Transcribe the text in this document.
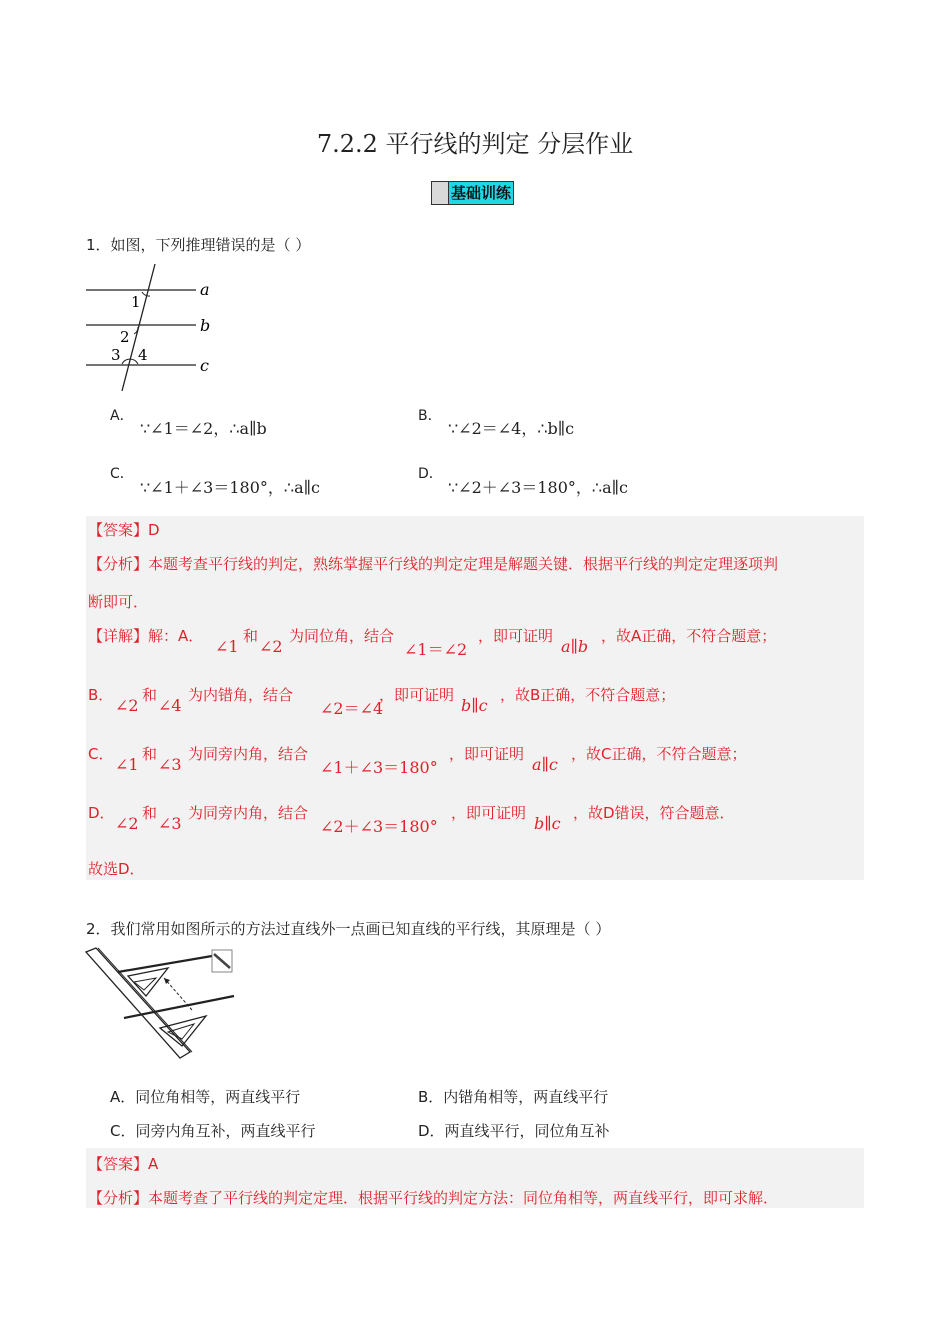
7.2.2 平行线的判定 分层作业
基础训练
1．如图，下列推理错误的是（ ）
a
b
c
1
2
3 4
A．
∵∠1＝∠2，∴a∥b
B．
∵∠2＝∠4，∴b∥c
C．
∵∠1＋∠3＝180°，∴a∥c
D．
∵∠2＋∠3＝180°，∴a∥c
【答案】D
【分析】本题考查平行线的判定，熟练掌握平行线的判定定理是解题关键．根据平行线的判定定理逐项判
断即可．
【详解】解：A．
∠1
和
∠2
为同位角，结合
∠1＝∠2
，即可证明
a∥b
，故A正确，不符合题意；
B．
∠2
和
∠4
为内错角，结合
∠2＝∠4
，即可证明
b∥c
，故B正确，不符合题意；
C．
∠1
和
∠3
为同旁内角，结合
∠1＋∠3＝180°
，即可证明
a∥c
，故C正确，不符合题意；
D．
∠2
和
∠3
为同旁内角，结合
∠2＋∠3＝180°
，即可证明
b∥c
，故D错误，符合题意．
故选D．
2．我们常用如图所示的方法过直线外一点画已知直线的平行线，其原理是（ ）
A．同位角相等，两直线平行	B．内错角相等，两直线平行
C．同旁内角互补，两直线平行	D．两直线平行，同位角互补
【答案】A
【分析】本题考查了平行线的判定定理．根据平行线的判定方法：同位角相等，两直线平行，即可求解．
